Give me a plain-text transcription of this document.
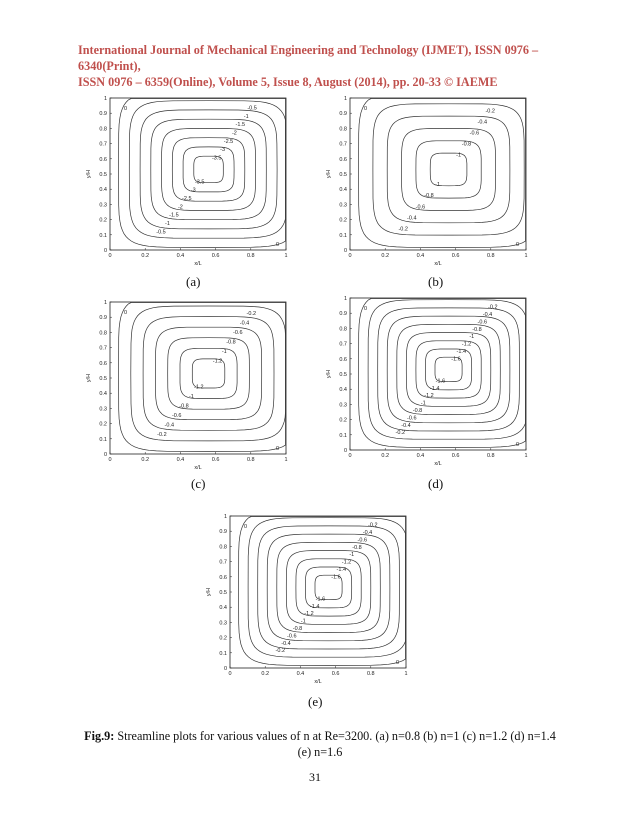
International Journal of Mechanical Engineering and Technology (IJMET), ISSN 0976 – 6340(Print),
ISSN 0976 – 6359(Online), Volume 5, Issue 8, August (2014), pp. 20-33 © IAEME
0	0.2	0.4	0.6	0.8	1
0
0.1
0.2
0.3
0.4
0.5
0.6
0.7
0.8
0.9
1
x/L
y/H
-0.5
-0.5
-1
-1
-1.5
-1.5
-2
-2
-2.5
-2.5
-3
-3
-3.5
-3.5
0
0
0	0.2	0.4	0.6	0.8	1
0
0.1
0.2
0.3
0.4
0.5
0.6
0.7
0.8
0.9
1
x/L
y/H
-0.2
-0.2
-0.4
-0.4
-0.6
-0.6
-0.8
-0.8
-1
-1
0
0
(a)	(b)
0	0.2	0.4	0.6	0.8	1
0
0.1
0.2
0.3
0.4
0.5
0.6
0.7
0.8
0.9
1
x/L
y/H
-0.2
-0.2
-0.4
-0.4
-0.6
-0.6
-0.8
-0.8
-1
-1
-1.2
-1.2
0
0
0	0.2	0.4	0.6	0.8	1
0
0.1
0.2
0.3
0.4
0.5
0.6
0.7
0.8
0.9
1
x/L
y/H
-0.2
-0.2
-0.4
-0.4
-0.6
-0.6
-0.8
-0.8
-1
-1
-1.2
-1.2
-1.4
-1.4
-1.6
-1.6
0
0
(c)	(d)
0	0.2	0.4	0.6	0.8	1
0
0.1
0.2
0.3
0.4
0.5
0.6
0.7
0.8
0.9
1
x/L
y/H
-0.2
-0.2
-0.4
-0.4
-0.6
-0.6
-0.8
-0.8
-1
-1
-1.2
-1.2
-1.4
-1.4
-1.6
-1.6
0
0
(e)
Fig.9: Streamline plots for various values of n at Re=3200. (a) n=0.8 (b) n=1 (c) n=1.2 (d) n=1.4 (e) n=1.6
31
